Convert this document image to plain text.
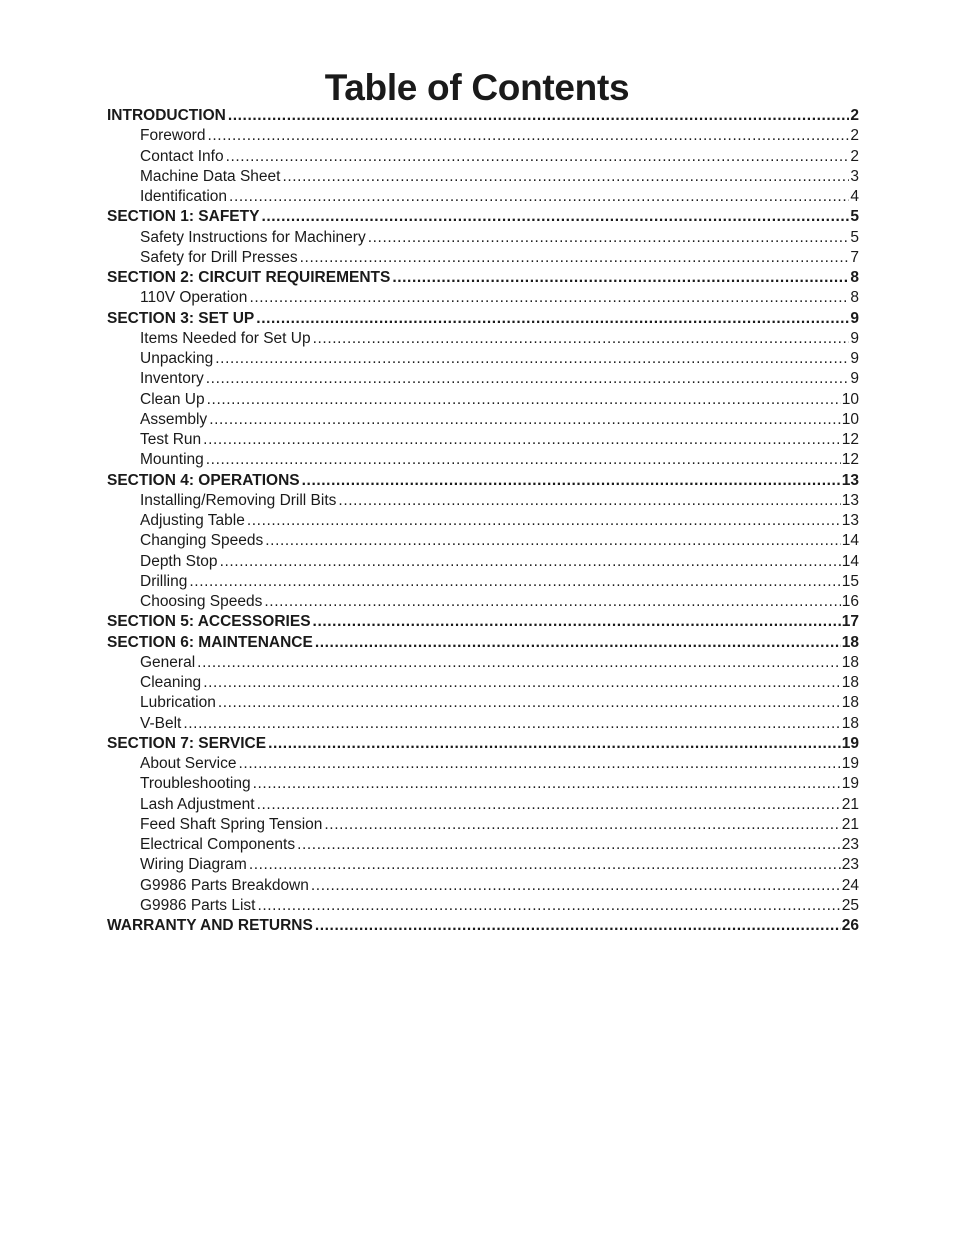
Table of Contents
INTRODUCTION .....	2
Foreword .....	2
Contact Info .....	2
Machine Data Sheet .....	3
Identification .....	4
SECTION 1: SAFETY .....	5
Safety Instructions for Machinery .....	5
Safety for Drill Presses .....	7
SECTION 2: CIRCUIT REQUIREMENTS .....	8
110V Operation .....	8
SECTION 3: SET UP .....	9
Items Needed for Set Up .....	9
Unpacking .....	9
Inventory .....	9
Clean Up .....	10
Assembly .....	10
Test Run .....	12
Mounting .....	12
SECTION 4: OPERATIONS .....	13
Installing/Removing Drill Bits .....	13
Adjusting Table .....	13
Changing Speeds .....	14
Depth Stop .....	14
Drilling .....	15
Choosing Speeds .....	16
SECTION 5: ACCESSORIES .....	17
SECTION 6: MAINTENANCE .....	18
General .....	18
Cleaning .....	18
Lubrication .....	18
V-Belt .....	18
SECTION 7: SERVICE .....	19
About Service .....	19
Troubleshooting .....	19
Lash Adjustment .....	21
Feed Shaft Spring Tension .....	21
Electrical Components .....	23
Wiring Diagram .....	23
G9986 Parts Breakdown .....	24
G9986 Parts List .....	25
WARRANTY AND RETURNS .....	26
